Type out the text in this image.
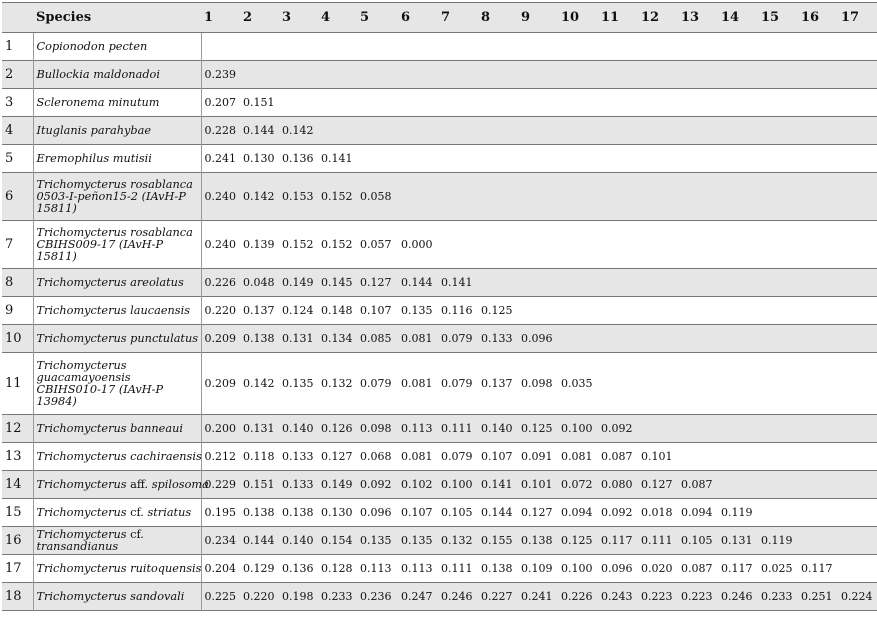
	Species	1	2	3	4	5	6	7	8	9	10	11	12	13	14	15	16	17
1	Copionodon pecten																	
2	Bullockia maldonadoi	0.239																
3	Scleronema minutum	0.207	0.151															
4	Ituglanis parahybae	0.228	0.144	0.142														
5	Eremophilus mutisii	0.241	0.130	0.136	0.141													
6	Trichomycterus rosablanca
0503-I-peñon15-2 (IAvH-P
15811)	0.240	0.142	0.153	0.152	0.058												
7	Trichomycterus rosablanca
CBIHS009-17 (IAvH-P
15811)	0.240	0.139	0.152	0.152	0.057	0.000											
8	Trichomycterus areolatus	0.226	0.048	0.149	0.145	0.127	0.144	0.141										
9	Trichomycterus laucaensis	0.220	0.137	0.124	0.148	0.107	0.135	0.116	0.125									
10	Trichomycterus punctulatus	0.209	0.138	0.131	0.134	0.085	0.081	0.079	0.133	0.096								
11	Trichomycterus
guacamayoensis
CBIHS010-17 (IAvH-P
13984)	0.209	0.142	0.135	0.132	0.079	0.081	0.079	0.137	0.098	0.035							
12	Trichomycterus banneaui	0.200	0.131	0.140	0.126	0.098	0.113	0.111	0.140	0.125	0.100	0.092						
13	Trichomycterus cachiraensis	0.212	0.118	0.133	0.127	0.068	0.081	0.079	0.107	0.091	0.081	0.087	0.101					
14	Trichomycterus aff. spilosoma	0.229	0.151	0.133	0.149	0.092	0.102	0.100	0.141	0.101	0.072	0.080	0.127	0.087				
15	Trichomycterus cf. striatus	0.195	0.138	0.138	0.130	0.096	0.107	0.105	0.144	0.127	0.094	0.092	0.018	0.094	0.119			
16	Trichomycterus cf.
transandianus	0.234	0.144	0.140	0.154	0.135	0.135	0.132	0.155	0.138	0.125	0.117	0.111	0.105	0.131	0.119		
17	Trichomycterus ruitoquensis	0.204	0.129	0.136	0.128	0.113	0.113	0.111	0.138	0.109	0.100	0.096	0.020	0.087	0.117	0.025	0.117	
18	Trichomycterus sandovali	0.225	0.220	0.198	0.233	0.236	0.247	0.246	0.227	0.241	0.226	0.243	0.223	0.223	0.246	0.233	0.251	0.224
